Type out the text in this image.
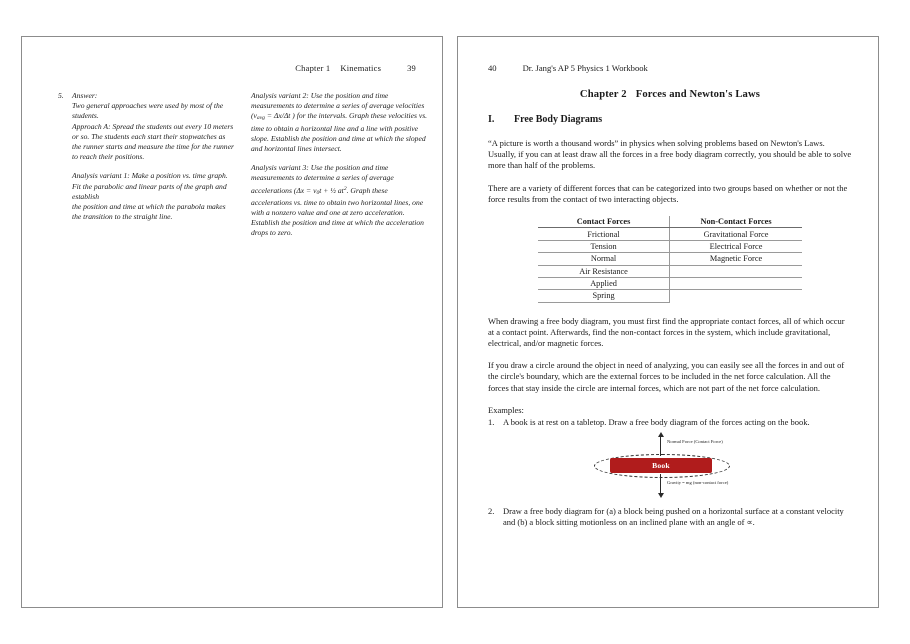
Chapter 1 Kinematics	39
5.	Answer:

Two general approaches were used by most of the students.

Approach A: Spread the students out every 10 meters or so. The students each start their stopwatches as the runner starts and measure the time for the runner to reach their positions.

Analysis variant 1: Make a position vs. time graph.

Fit the parabolic and linear parts of the graph and establish

the position and time at which the parabola makes the transition to the straight line.

Analysis variant 2: Use the position and time measurements to determine a series of average velocities (vavg = Δx/Δt ) for the intervals. Graph these velocities vs. time to obtain a horizontal line and a line with positive slope. Establish the position and time at which the sloped and horizontal lines intersect.

Analysis variant 3: Use the position and time measurements to determine a series of average accelerations (Δx = v0t + ½ $at^2$. Graph these accelerations vs. time to obtain two horizontal lines, one with a nonzero value and one at zero acceleration. Establish the position and time at which the acceleration drops to zero.

40	Dr. Jang's AP 5 Physics 1 Workbook
Chapter 2 Forces and Newton's Laws
I.	Free Body Diagrams

“A picture is worth a thousand words” in physics when solving problems based on Newton's Laws. Usually, if you can at least draw all the forces in a free body diagram correctly, you should be able to solve more than half of the problems.

There are a variety of different forces that can be categorized into two groups based on whether or not the force results from the contact of two interacting objects.

Contact Forces	Non-Contact Forces
Frictional	Gravitational Force
Tension	Electrical Force
Normal	Magnetic Force
Air Resistance	
Applied	
Spring	

When drawing a free body diagram, you must first find the appropriate contact forces, all of which occur at a contact point. Afterwards, find the non-contact forces in the system, which include gravitational, electrical, and/or magnetic forces.

If you draw a circle around the object in need of analyzing, you can easily see all the forces in and out of the circle's boundary, which are the external forces to be included in the net force calculation. All the forces that stay inside the circle are internal forces, which are not part of the net force calculation.

Examples:

1.	A book is at rest on a tabletop. Draw a free body diagram of the forces acting on the book.
Normal Force (Contact Force)
Book
Gravity = mg (non-contact force)
2.	Draw a free body diagram for (a) a block being pushed on a horizontal surface at a constant velocity and (b) a block sitting motionless on an inclined plane with an angle of ∝.
